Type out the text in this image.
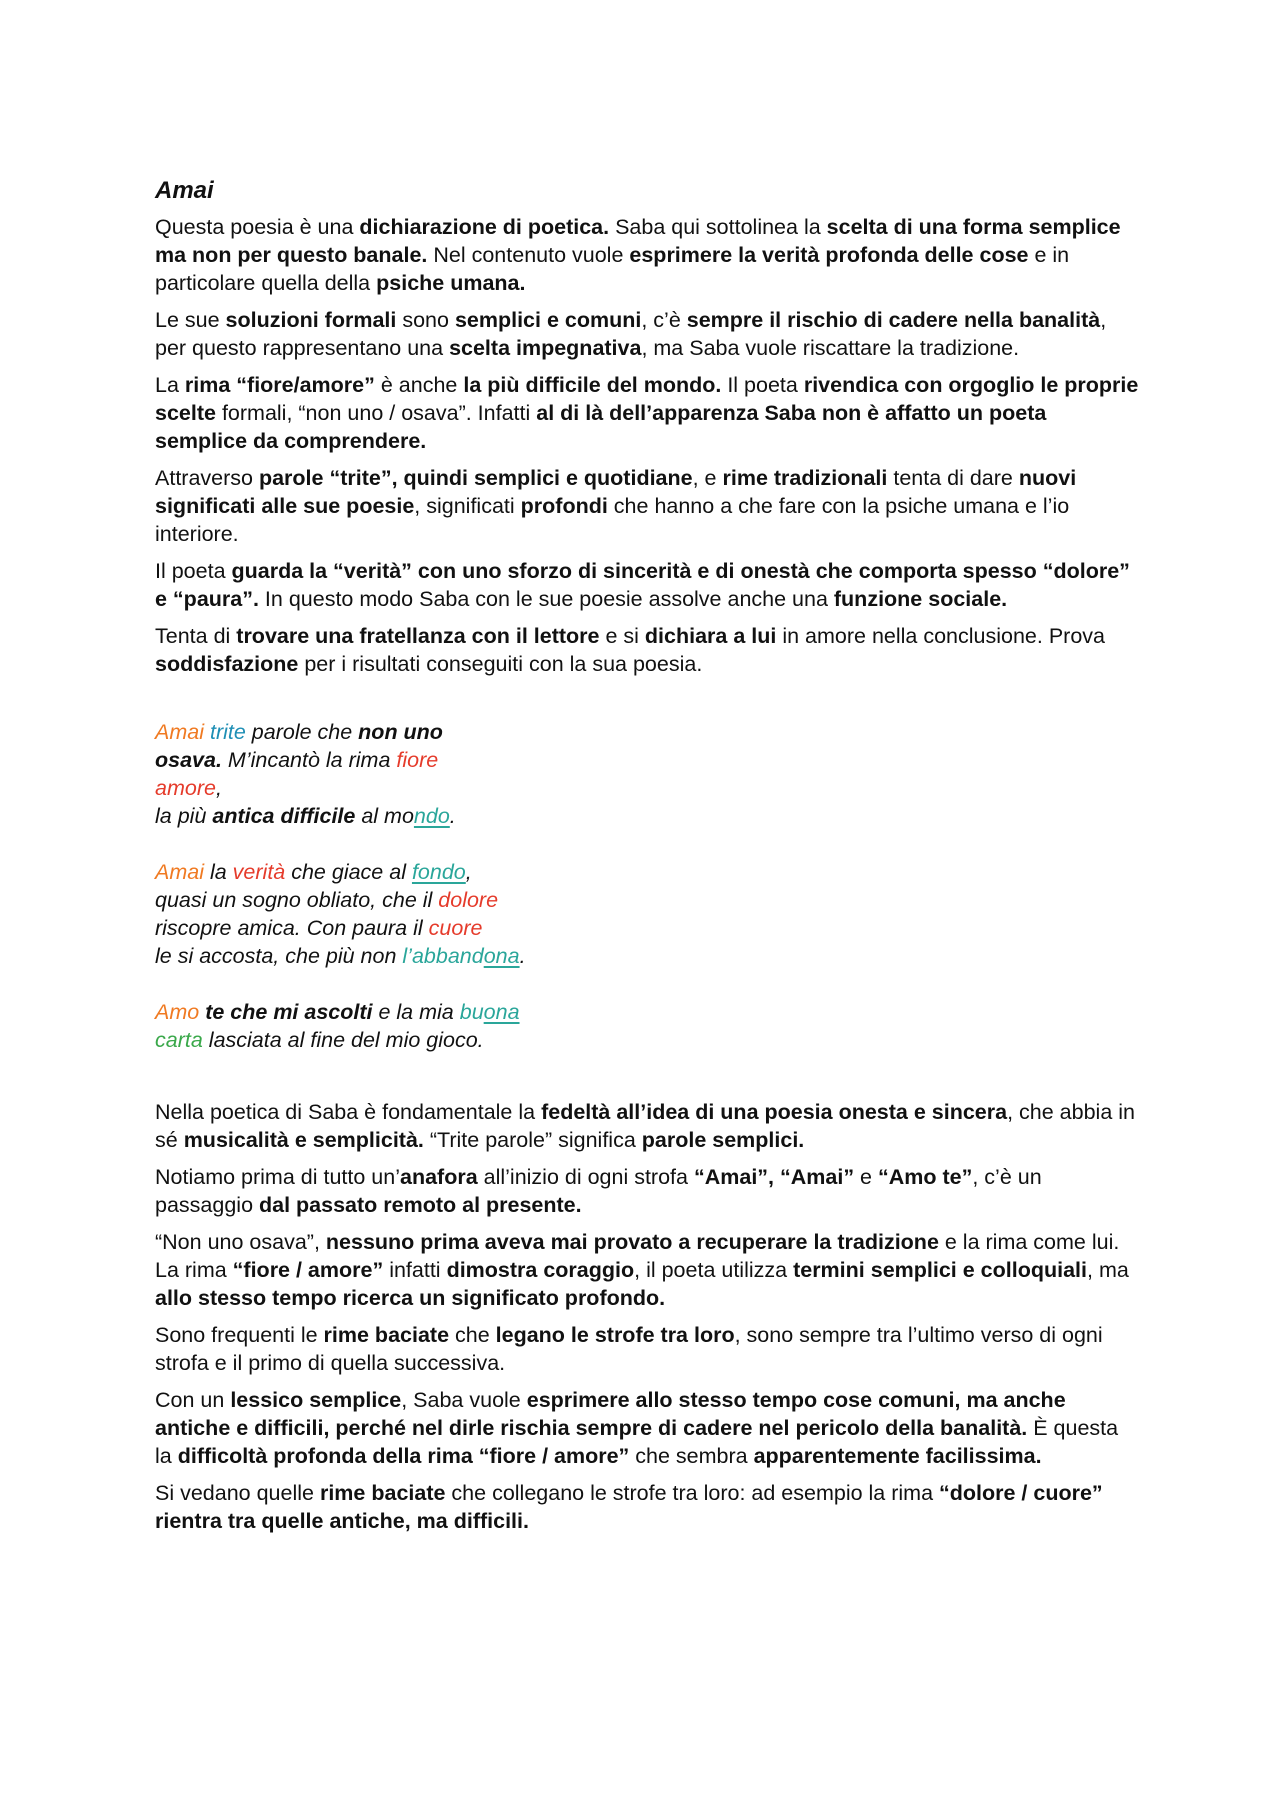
Amai

Questa poesia è una dichiarazione di poetica. Saba qui sottolinea la scelta di una forma semplice ma non per questo banale. Nel contenuto vuole esprimere la verità profonda delle cose e in particolare quella della psiche umana.

Le sue soluzioni formali sono semplici e comuni, c’è sempre il rischio di cadere nella banalità, per questo rappresentano una scelta impegnativa, ma Saba vuole riscattare la tradizione.

La rima “fiore/amore” è anche la più difficile del mondo. Il poeta rivendica con orgoglio le proprie scelte formali, “non uno / osava”. Infatti al di là dell’apparenza Saba non è affatto un poeta semplice da comprendere.

Attraverso parole “trite”, quindi semplici e quotidiane, e rime tradizionali tenta di dare nuovi significati alle sue poesie, significati profondi che hanno a che fare con la psiche umana e l’io interiore.

Il poeta guarda la “verità” con uno sforzo di sincerità e di onestà che comporta spesso “dolore” e “paura”. In questo modo Saba con le sue poesie assolve anche una funzione sociale.

Tenta di trovare una fratellanza con il lettore e si dichiara a lui in amore nella conclusione. Prova soddisfazione per i risultati conseguiti con la sua poesia.

Amai trite parole che non uno
osava. M’incantò la rima fiore
amore,
la più antica difficile al mondo.
Amai la verità che giace al fondo,
quasi un sogno obliato, che il dolore
riscopre amica. Con paura il cuore
le si accosta, che più non l’abbandona.
Amo te che mi ascolti e la mia buona
carta lasciata al fine del mio gioco.

Nella poetica di Saba è fondamentale la fedeltà all’idea di una poesia onesta e sincera, che abbia in sé musicalità e semplicità. “Trite parole” significa parole semplici.

Notiamo prima di tutto un’anafora all’inizio di ogni strofa “Amai”, “Amai” e “Amo te”, c’è un passaggio dal passato remoto al presente.

“Non uno osava”, nessuno prima aveva mai provato a recuperare la tradizione e la rima come lui. La rima “fiore / amore” infatti dimostra coraggio, il poeta utilizza termini semplici e colloquiali, ma allo stesso tempo ricerca un significato profondo.

Sono frequenti le rime baciate che legano le strofe tra loro, sono sempre tra l’ultimo verso di ogni strofa e il primo di quella successiva.

Con un lessico semplice, Saba vuole esprimere allo stesso tempo cose comuni, ma anche antiche e difficili, perché nel dirle rischia sempre di cadere nel pericolo della banalità. È questa la difficoltà profonda della rima “fiore / amore” che sembra apparentemente facilissima.

Si vedano quelle rime baciate che collegano le strofe tra loro: ad esempio la rima “dolore / cuore” rientra tra quelle antiche, ma difficili.
